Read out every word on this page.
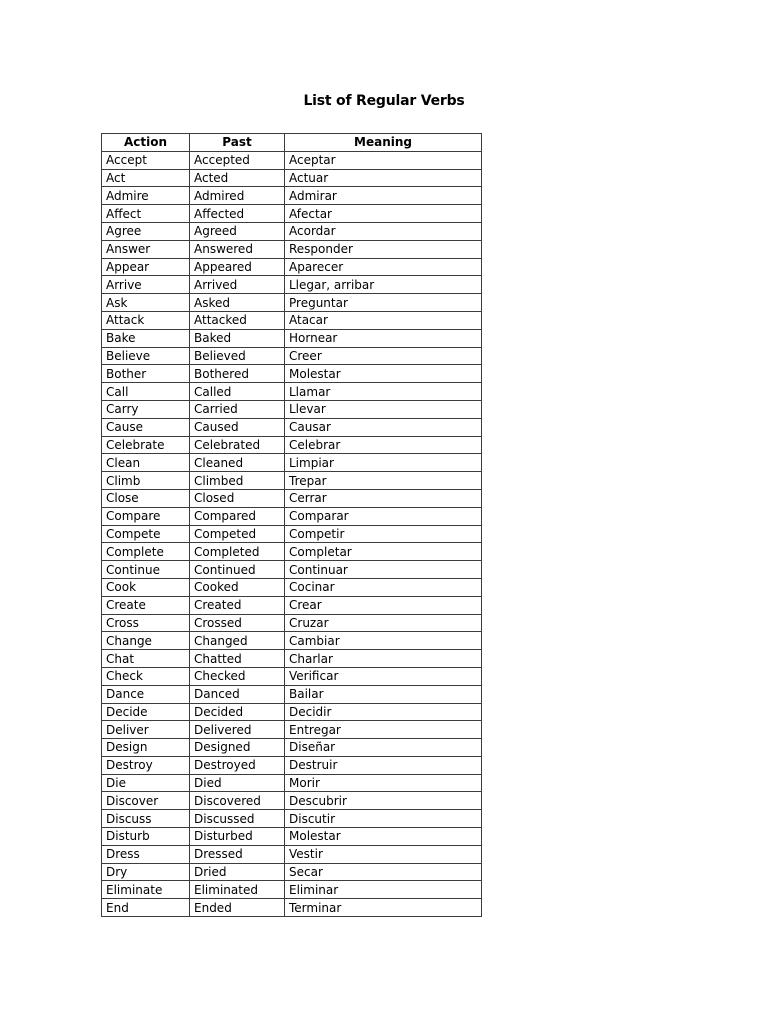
List of Regular Verbs
Action	Past	Meaning
Accept	Accepted	Aceptar
Act	Acted	Actuar
Admire	Admired	Admirar
Affect	Affected	Afectar
Agree	Agreed	Acordar
Answer	Answered	Responder
Appear	Appeared	Aparecer
Arrive	Arrived	Llegar, arribar
Ask	Asked	Preguntar
Attack	Attacked	Atacar
Bake	Baked	Hornear
Believe	Believed	Creer
Bother	Bothered	Molestar
Call	Called	Llamar
Carry	Carried	Llevar
Cause	Caused	Causar
Celebrate	Celebrated	Celebrar
Clean	Cleaned	Limpiar
Climb	Climbed	Trepar
Close	Closed	Cerrar
Compare	Compared	Comparar
Compete	Competed	Competir
Complete	Completed	Completar
Continue	Continued	Continuar
Cook	Cooked	Cocinar
Create	Created	Crear
Cross	Crossed	Cruzar
Change	Changed	Cambiar
Chat	Chatted	Charlar
Check	Checked	Verificar
Dance	Danced	Bailar
Decide	Decided	Decidir
Deliver	Delivered	Entregar
Design	Designed	Diseñar
Destroy	Destroyed	Destruir
Die	Died	Morir
Discover	Discovered	Descubrir
Discuss	Discussed	Discutir
Disturb	Disturbed	Molestar
Dress	Dressed	Vestir
Dry	Dried	Secar
Eliminate	Eliminated	Eliminar
End	Ended	Terminar
